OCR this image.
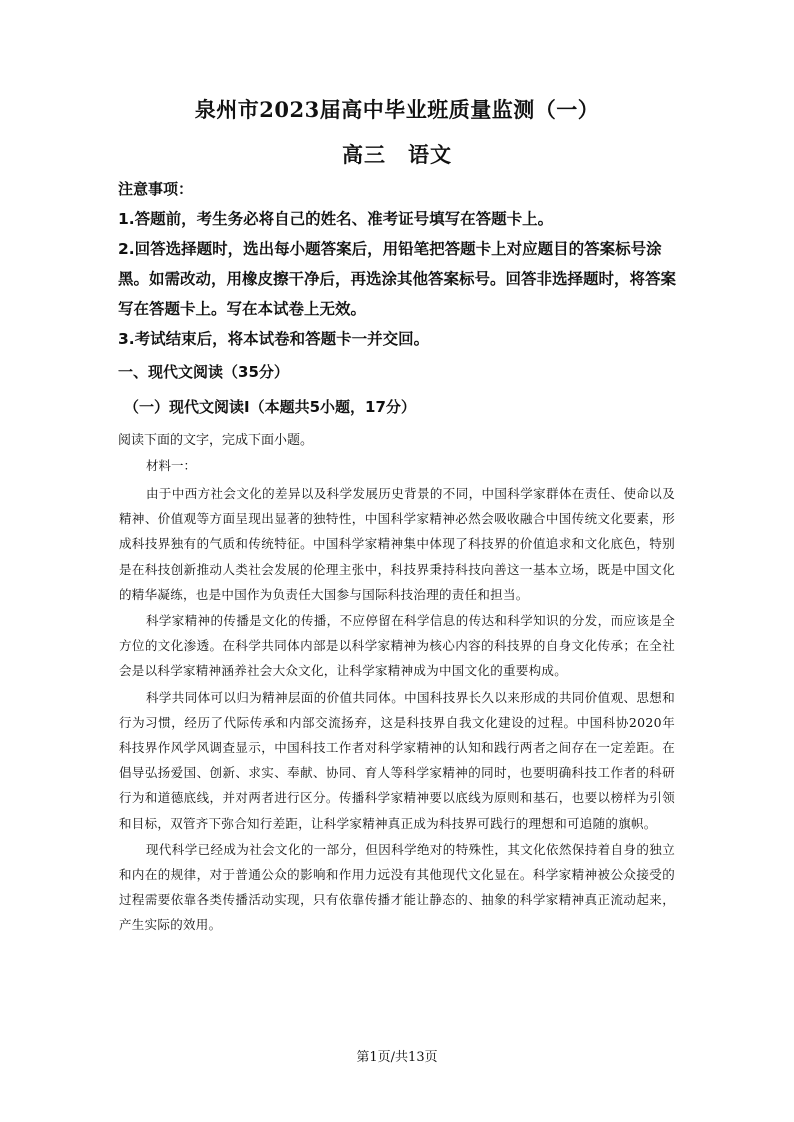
泉州市2023届高中毕业班质量监测（一）
高三　语文
注意事项：

1.答题前，考生务必将自己的姓名、准考证号填写在答题卡上。

2.回答选择题时，选出每小题答案后，用铅笔把答题卡上对应题目的答案标号涂黑。如需改动，用橡皮擦干净后，再选涂其他答案标号。回答非选择题时，将答案写在答题卡上。写在本试卷上无效。

3.考试结束后，将本试卷和答题卡一并交回。

一、现代文阅读（35分）
（一）现代文阅读Ⅰ（本题共5小题，17分）
阅读下面的文字，完成下面小题。
材料一：

由于中西方社会文化的差异以及科学发展历史背景的不同，中国科学家群体在责任、使命以及精神、价值观等方面呈现出显著的独特性，中国科学家精神必然会吸收融合中国传统文化要素，形成科技界独有的气质和传统特征。中国科学家精神集中体现了科技界的价值追求和文化底色，特别是在科技创新推动人类社会发展的伦理主张中，科技界秉持科技向善这一基本立场，既是中国文化的精华凝练，也是中国作为负责任大国参与国际科技治理的责任和担当。

科学家精神的传播是文化的传播，不应停留在科学信息的传达和科学知识的分发，而应该是全方位的文化渗透。在科学共同体内部是以科学家精神为核心内容的科技界的自身文化传承；在全社会是以科学家精神涵养社会大众文化，让科学家精神成为中国文化的重要构成。

科学共同体可以归为精神层面的价值共同体。中国科技界长久以来形成的共同价值观、思想和行为习惯，经历了代际传承和内部交流扬弃，这是科技界自我文化建设的过程。中国科协2020年科技界作风学风调查显示，中国科技工作者对科学家精神的认知和践行两者之间存在一定差距。在倡导弘扬爱国、创新、求实、奉献、协同、育人等科学家精神的同时，也要明确科技工作者的科研行为和道德底线，并对两者进行区分。传播科学家精神要以底线为原则和基石，也要以榜样为引领和目标，双管齐下弥合知行差距，让科学家精神真正成为科技界可践行的理想和可追随的旗帜。

现代科学已经成为社会文化的一部分，但因科学绝对的特殊性，其文化依然保持着自身的独立和内在的规律，对于普通公众的影响和作用力远没有其他现代文化显在。科学家精神被公众接受的过程需要依靠各类传播活动实现，只有依靠传播才能让静态的、抽象的科学家精神真正流动起来，产生实际的效用。

第1页/共13页
